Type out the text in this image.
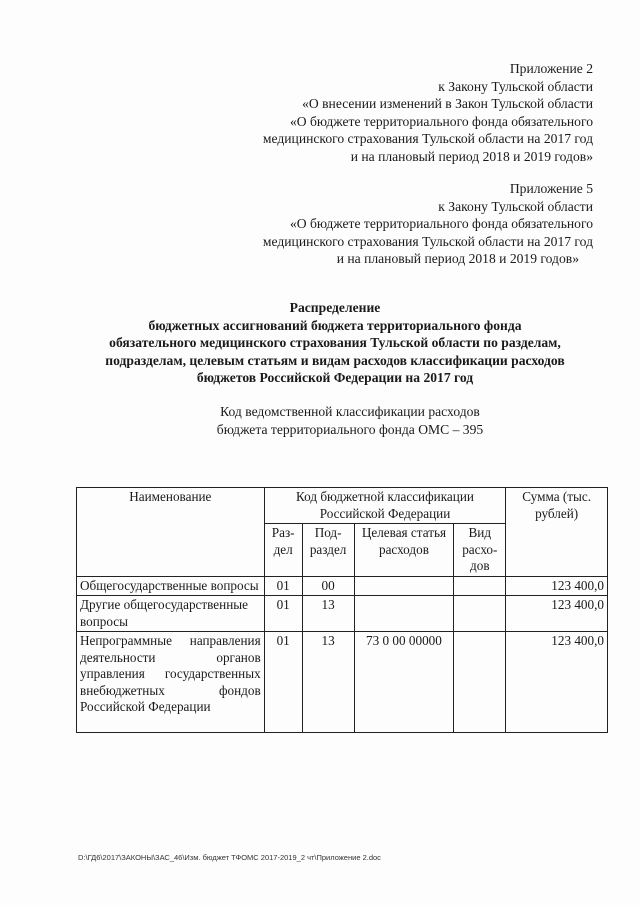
Приложение 2
к Закону Тульской области
«О внесении изменений в Закон Тульской области
«О бюджете территориального фонда обязательного
медицинского страхования Тульской области на 2017 год
и на плановый период 2018 и 2019 годов»
Приложение 5
к Закону Тульской области
«О бюджете территориального фонда обязательного
медицинского страхования Тульской области на 2017 год
и на плановый период 2018 и 2019 годов»
Распределение
бюджетных ассигнований бюджета территориального фонда
обязательного медицинского страхования Тульской области по разделам,
подразделам, целевым статьям и видам расходов классификации расходов
бюджетов Российской Федерации на 2017 год
Код ведомственной классификации расходов
бюджета территориального фонда ОМС – 395
Наименование	Код бюджетной классификации Российской Федерации				Сумма (тыс. рублей)
	Раз-дел	Под-раздел	Целевая статья расходов	Вид расхо-дов	
Общегосударственные вопросы	01	00			123 400,0
Другие общегосударственные вопросы	01	13			123 400,0
Непрограммные направления деятельности органов управления государственных внебюджетных фондов Российской Федерации	01	13	73 0 00 00000		123 400,0
D:\ГД6\2017\ЗАКОНЫ\ЗАС_46\Изм. бюджет ТФОМС 2017-2019_2 чт\Приложение 2.doc
